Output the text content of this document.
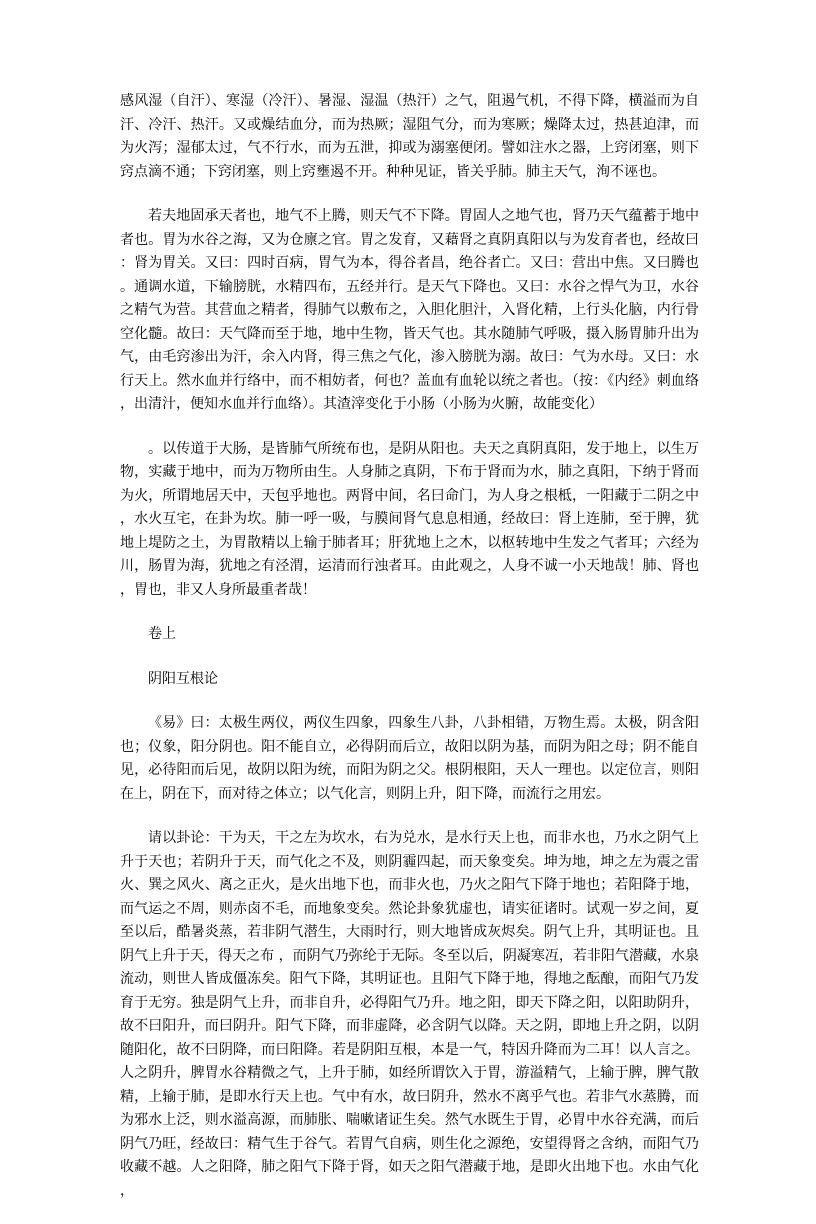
感风湿（自汗）、寒湿（冷汗）、暑湿、湿温（热汗）之气，阻遏气机，不得下降，横溢而为自汗、冷汗、热汗。又或燥结血分，而为热厥；湿阻气分，而为寒厥；燥降太过，热甚迫津，而为火泻；湿郁太过，气不行水，而为五泄，抑或为溺塞便闭。譬如注水之器，上窍闭塞，则下窍点滴不通；下窍闭塞，则上窍壅遏不开。种种见证，皆关乎肺。肺主天气，洵不诬也。

若夫地固承天者也，地气不上腾，则天气不下降。胃固人之地气也，肾乃天气蕴蓄于地中者也。胃为水谷之海，又为仓廪之官。胃之发育，又藉肾之真阴真阳以与为发育者也，经故曰：肾为胃关。又曰：四时百病，胃气为本，得谷者昌，绝谷者亡。又曰：营出中焦。又曰腾也。通调水道，下输膀胱，水精四布，五经并行。是天气下降也。又曰：水谷之悍气为卫，水谷之精气为营。其营血之精者，得肺气以敷布之，入胆化胆汁，入肾化精，上行头化脑，内行骨空化髓。故曰：天气降而至于地，地中生物，皆天气也。其水随肺气呼吸，摄入肠胃肺升出为气，由毛窍渗出为汗，余入内肾，得三焦之气化，渗入膀胱为溺。故曰：气为水母。又曰：水行天上。然水血并行络中，而不相妨者，何也？盖血有血轮以统之者也。（按：《内经》刺血络，出清汁，便知水血并行血络）。其渣滓变化于小肠（小肠为火腑，故能变化）

。以传道于大肠，是皆肺气所统布也，是阴从阳也。夫天之真阴真阳，发于地上，以生万物，实藏于地中，而为万物所由生。人身肺之真阴，下布于肾而为水，肺之真阳，下纳于肾而为火，所谓地居天中，天包乎地也。两肾中间，名曰命门，为人身之根柢，一阳藏于二阴之中，水火互宅，在卦为坎。肺一呼一吸，与膜间肾气息息相通，经故曰：肾上连肺，至于脾，犹地上堤防之土，为胃散精以上输于肺者耳；肝犹地上之木，以枢转地中生发之气者耳；六经为川，肠胃为海，犹地之有泾渭，运清而行浊者耳。由此观之，人身不诚一小天地哉！肺、肾也，胃也，非又人身所最重者哉！

卷上

阴阳互根论

《易》曰：太极生两仪，两仪生四象，四象生八卦，八卦相错，万物生焉。太极，阴含阳也；仪象，阳分阴也。阳不能自立，必得阴而后立，故阳以阴为基，而阴为阳之母；阴不能自见，必待阳而后见，故阴以阳为统，而阳为阴之父。根阴根阳，天人一理也。以定位言，则阳在上，阴在下，而对待之体立；以气化言，则阴上升，阳下降，而流行之用宏。

请以卦论：干为天，干之左为坎水，右为兑水，是水行天上也，而非水也，乃水之阴气上升于天也；若阴升于天，而气化之不及，则阴霾四起，而天象变矣。坤为地，坤之左为震之雷火、巽之风火、离之正火，是火出地下也，而非火也，乃火之阳气下降于地也；若阳降于地，而气运之不周，则赤卤不毛，而地象变矣。然论卦象犹虚也，请实征诸时。试观一岁之间，夏至以后，酷暑炎蒸，若非阴气潜生，大雨时行，则大地皆成灰烬矣。阴气上升，其明证也。且阴气上升于天，得天之布 ，而阴气乃弥纶于无际。冬至以后，阴凝寒冱，若非阳气潜藏，水泉流动，则世人皆成僵冻矣。阳气下降，其明证也。且阳气下降于地，得地之酝酿，而阳气乃发育于无穷。独是阴气上升，而非自升，必得阳气乃升。地之阳，即天下降之阳，以阳助阴升，故不曰阳升，而曰阴升。阳气下降，而非虚降，必含阴气以降。天之阴，即地上升之阴，以阴随阳化，故不曰阴降，而曰阳降。若是阴阳互根，本是一气，特因升降而为二耳！以人言之。人之阴升，脾胃水谷精微之气，上升于肺，如经所谓饮入于胃，游溢精气，上输于脾，脾气散精，上输于肺，是即水行天上也。气中有水，故曰阴升，然水不离乎气也。若非气水蒸腾，而为邪水上泛，则水溢高源，而肺胀、喘嗽诸证生矣。然气水既生于胃，必胃中水谷充满，而后阴气乃旺，经故曰：精气生于谷气。若胃气自病，则生化之源绝，安望得肾之含纳，而阳气乃收藏不越。人之阳降，肺之阳气下降于肾，如天之阳气潜藏于地，是即火出地下也。水由气化，
